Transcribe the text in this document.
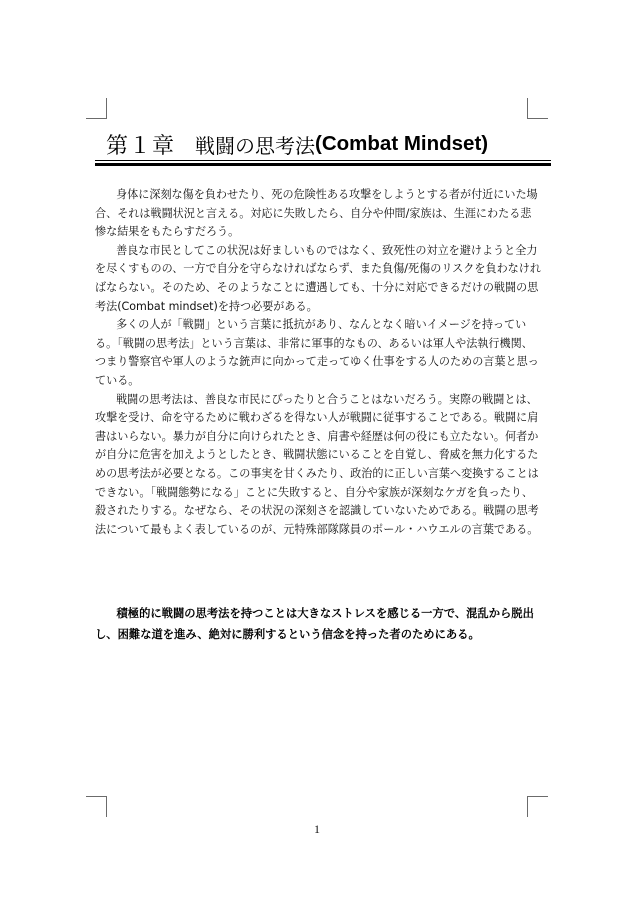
第１章 戦闘の思考法 (Combat Mindset)

身体に深刻な傷を負わせたり、死の危険性ある攻撃をしようとする者が付近にいた場合、それは戦闘状況と言える。対応に失敗したら、自分や仲間/家族は、生涯にわたる悲惨な結果をもたらすだろう。

善良な市民としてこの状況は好ましいものではなく、致死性の対立を避けようと全力を尽くすものの、一方で自分を守らなければならず、また負傷/死傷のリスクを負わなければならない。そのため、そのようなことに遭遇しても、十分に対応できるだけの戦闘の思考法(Combat mindset)を持つ必要がある。

多くの人が「戦闘」という言葉に抵抗があり、なんとなく暗いイメージを持っている。「戦闘の思考法」という言葉は、非常に軍事的なもの、あるいは軍人や法執行機関、つまり警察官や軍人のような銃声に向かって走ってゆく仕事をする人のための言葉と思っている。

戦闘の思考法は、善良な市民にぴったりと合うことはないだろう。実際の戦闘とは、攻撃を受け、命を守るために戦わざるを得ない人が戦闘に従事することである。戦闘に肩書はいらない。暴力が自分に向けられたとき、肩書や経歴は何の役にも立たない。何者かが自分に危害を加えようとしたとき、戦闘状態にいることを自覚し、脅威を無力化するための思考法が必要となる。この事実を甘くみたり、政治的に正しい言葉へ変換することはできない。「戦闘態勢になる」ことに失敗すると、自分や家族が深刻なケガを負ったり、殺されたりする。なぜなら、その状況の深刻さを認識していないためである。戦闘の思考法について最もよく表しているのが、元特殊部隊隊員のポール・ハウエルの言葉である。

積極的に戦闘の思考法を持つことは大きなストレスを感じる一方で、混乱から脱出し、困難な道を進み、絶対に勝利するという信念を持った者のためにある。

1
